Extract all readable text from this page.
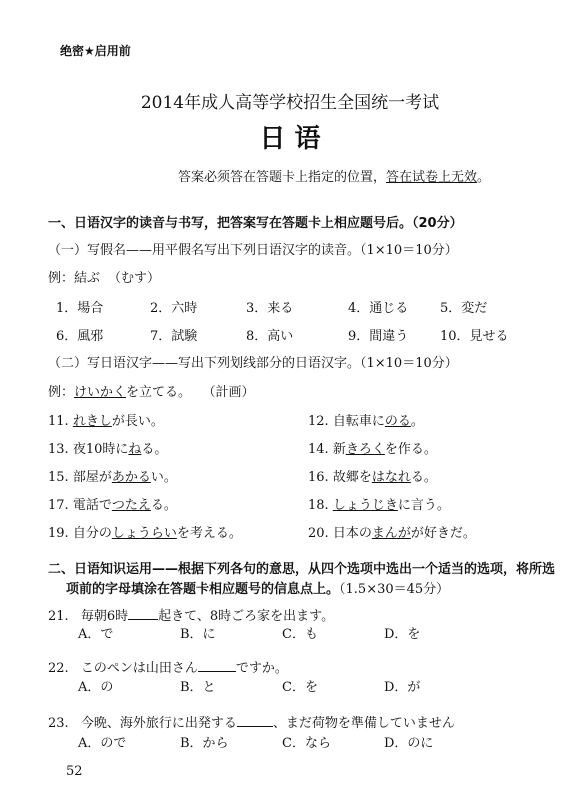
绝密★启用前
2014年成人高等学校招生全国统一考试
日 语
答案必须答在答题卡上指定的位置，答在试卷上无效。
一、日语汉字的读音与书写，把答案写在答题卡上相应题号后。（20分）
（一）写假名——用平假名写出下列日语汉字的读音。（1×10＝10分）
例：結ぶ （むす）
1．場合	2．六時	3．来る	4．通じる 5．変だ
6．風邪	7．試験	8．高い	9．間違う 10．見せる
（二）写日语汉字——写出下列划线部分的日语汉字。（1×10＝10分）
例：けいかくを立てる。 （計画）
11. れきしが長い。	12. 自転車にのる。
13. 夜10時にねる。	14. 新きろくを作る。
15. 部屋があかるい。	16. 故郷をはなれる。
17. 電話でつたえる。	18. しょうじきに言う。
19. 自分のしょうらいを考える。	20. 日本のまんがが好きだ。
二、日语知识运用——根据下列各句的意思，从四个选项中选出一个适当的选项，将所选
项前的字母填涂在答题卡相应题号的信息点上。（1.5×30＝45分）
21. 毎朝6時 起きて、8時ごろ家を出ます。
A．で	B．に	C．も	D．を
22. このペンは山田さん	ですか。
A．の	B．と	C．を	D．が
23. 今晩、海外旅行に出発する	、まだ荷物を準備していません
A．ので	B．から	C．なら	D．のに
52
